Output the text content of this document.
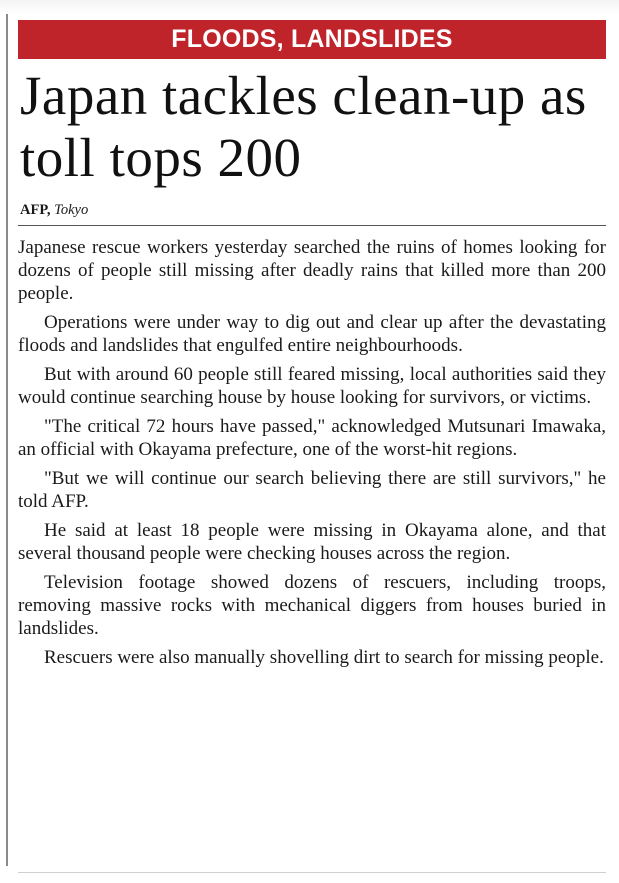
FLOODS, LANDSLIDES
Japan tackles clean-up as toll tops 200
AFP, Tokyo

Japanese rescue workers yesterday searched the ruins of homes looking for dozens of people still missing after deadly rains that killed more than 200 people.

Operations were under way to dig out and clear up after the devastating floods and landslides that engulfed entire neighbourhoods.

But with around 60 people still feared missing, local authorities said they would continue searching house by house looking for survivors, or victims.

"The critical 72 hours have passed," acknowledged Mutsunari Imawaka, an official with Okayama prefecture, one of the worst-hit regions.

"But we will continue our search believing there are still survivors," he told AFP.

He said at least 18 people were missing in Okayama alone, and that several thousand people were checking houses across the region.

Television footage showed dozens of rescuers, including troops, removing massive rocks with mechanical diggers from houses buried in landslides.

Rescuers were also manually shovelling dirt to search for missing people.
